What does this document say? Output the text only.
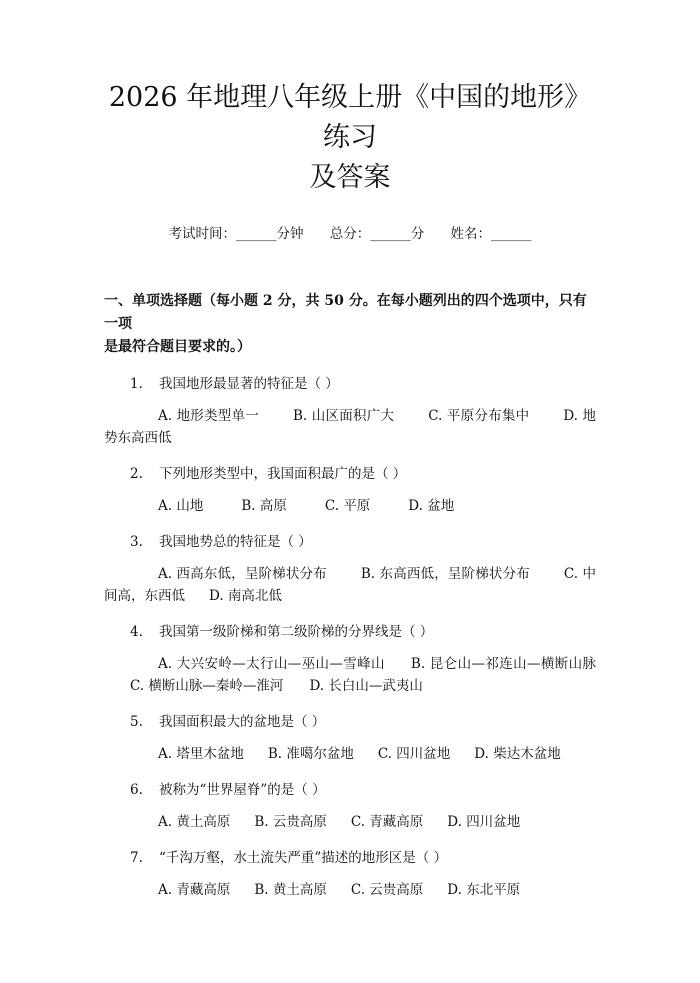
2026 年地理八年级上册《中国的地形》练习
及答案
考试时间：______分钟 总分：______分 姓名：______
一、单项选择题（每小题 2 分，共 50 分。在每小题列出的四个选项中，只有一项
是最符合题目要求的。）
1. 我国地形最显著的特征是（ ）
A. 地形类型单一	B. 山区面积广大	C. 平原分布集中	D. 地势东高西低
2. 下列地形类型中，我国面积最广的是（ ）
A. 山地	B. 高原	C. 平原	D. 盆地
3. 我国地势总的特征是（ ）
A. 西高东低，呈阶梯状分布	B. 东高西低，呈阶梯状分布	C. 中间高，东西低 D. 南高北低
4. 我国第一级阶梯和第二级阶梯的分界线是（ ）
A. 大兴安岭—太行山—巫山—雪峰山 B. 昆仑山—祁连山—横断山脉C. 横断山脉—秦岭—淮河 D. 长白山—武夷山
5. 我国面积最大的盆地是（ ）
A. 塔里木盆地 B. 准噶尔盆地 C. 四川盆地 D. 柴达木盆地
6. 被称为“世界屋脊”的是（ ）
A. 黄土高原 B. 云贵高原 C. 青藏高原 D. 四川盆地
7. “千沟万壑，水土流失严重”描述的地形区是（ ）
A. 青藏高原 B. 黄土高原 C. 云贵高原 D. 东北平原
